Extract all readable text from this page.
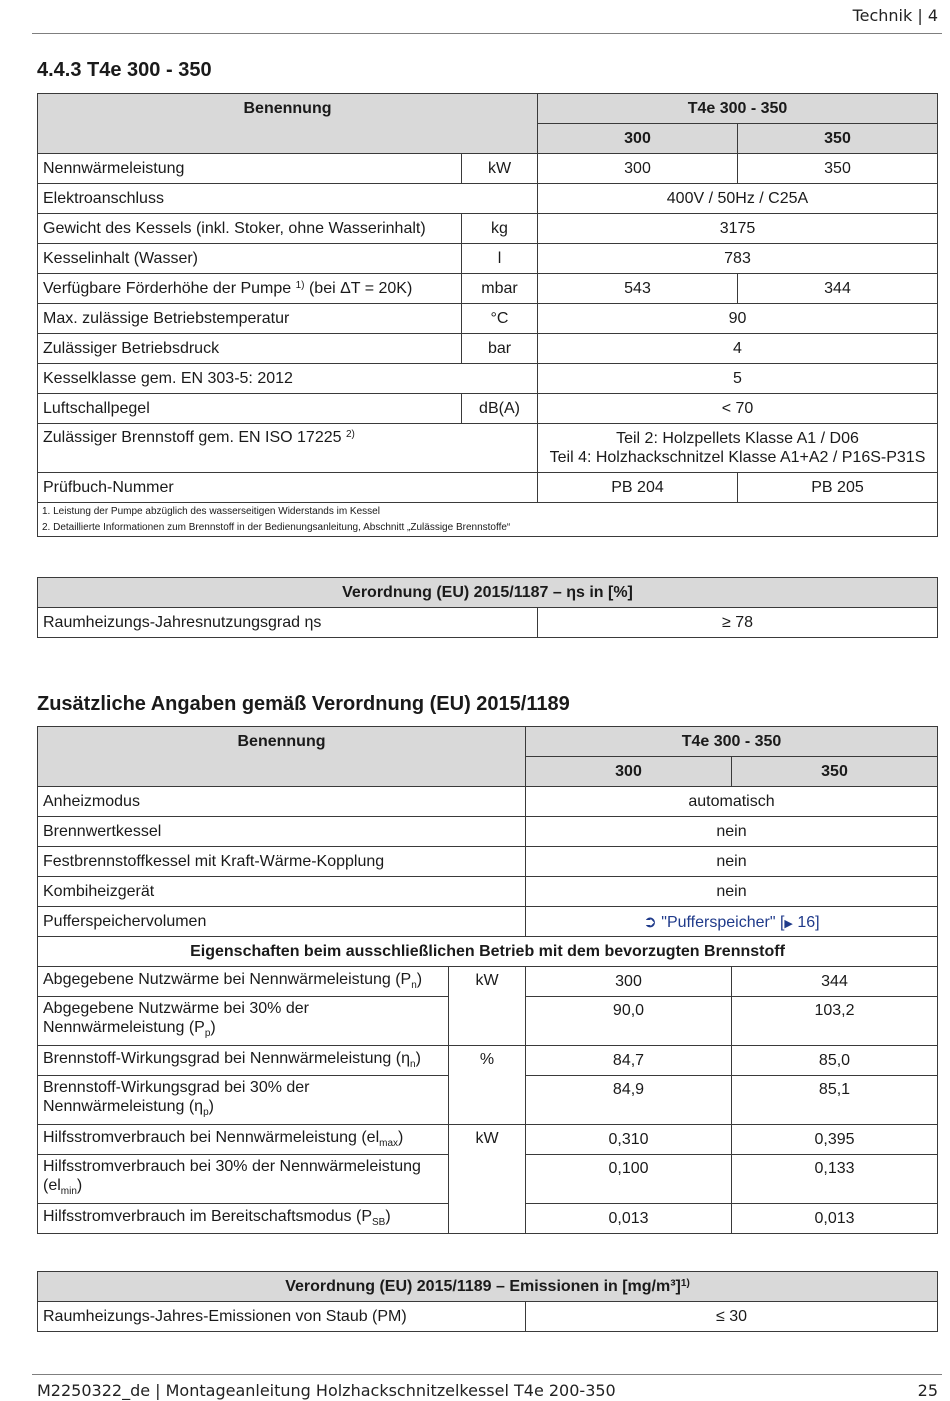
Technik | 4
4.4.3 T4e 300 - 350
Benennung		T4e 300 - 350	
		300	350
Nennwärmeleistung	kW	300	350
Elektroanschluss		400V / 50Hz / C25A	
Gewicht des Kessels (inkl. Stoker, ohne Wasserinhalt)	kg	3175	
Kesselinhalt (Wasser)	l	783	
Verfügbare Förderhöhe der Pumpe $^{1)}$ (bei ΔT = 20K)	mbar	543	344
Max. zulässige Betriebstemperatur	°C	90	
Zulässiger Betriebsdruck	bar	4	
Kesselklasse gem. EN 303-5: 2012		5	
Luftschallpegel	dB(A)	< 70	
Zulässiger Brennstoff gem. EN ISO 17225 $^{2)}$		Teil 2: Holzpellets Klasse A1 / D06
Teil 4: Holzhackschnitzel Klasse A1+A2 / P16S-P31S	

Prüfbuch-Nummer		PB 204	PB 205
1. Leistung der Pumpe abzüglich des wasserseitigen Widerstands im Kessel			
2. Detaillierte Informationen zum Brennstoff in der Bedienungsanleitung, Abschnitt „Zulässige Brennstoffe“			
Verordnung (EU) 2015/1187 – ηs in [%]
Raumheizungs-Jahresnutzungsgrad ηs	≥ 78
Zusätzliche Angaben gemäß Verordnung (EU) 2015/1189
Benennung		T4e 300 - 350	
		300	350
Anheizmodus		automatisch	
Brennwertkessel		nein	
Festbrennstoffkessel mit Kraft-Wärme-Kopplung		nein	
Kombiheizgerät		nein	
Pufferspeichervolumen		➲ "Pufferspeicher" [▶ 16]	
Eigenschaften beim ausschließlichen Betrieb mit dem bevorzugten Brennstoff			
Abgegebene Nutzwärme bei Nennwärmeleistung $(P_n)$	kW	300	344

Abgegebene Nutzwärme bei 30% der
Nennwärmeleistung $(P_p)$		90,0	103,2
Brennstoff-Wirkungsgrad bei Nennwärmeleistung $(\eta_n)$	%	84,7	85,0

Brennstoff-Wirkungsgrad bei 30% der
Nennwärmeleistung $(\eta_p)$		84,9	85,1
Hilfsstromverbrauch bei Nennwärmeleistung $(el_{max})$	kW	0,310	0,395

Hilfsstromverbrauch bei 30% der Nennwärmeleistung
$(el_{min})$		0,100	0,133
Hilfsstromverbrauch im Bereitschaftsmodus $(P_{SB})$		0,013	0,013
Verordnung (EU) 2015/1189 – Emissionen in $[mg/m^3]^{1)}$
Raumheizungs-Jahres-Emissionen von Staub (PM)	≤ 30
M2250322_de | Montageanleitung Holzhackschnitzelkessel T4e 200-350	25
